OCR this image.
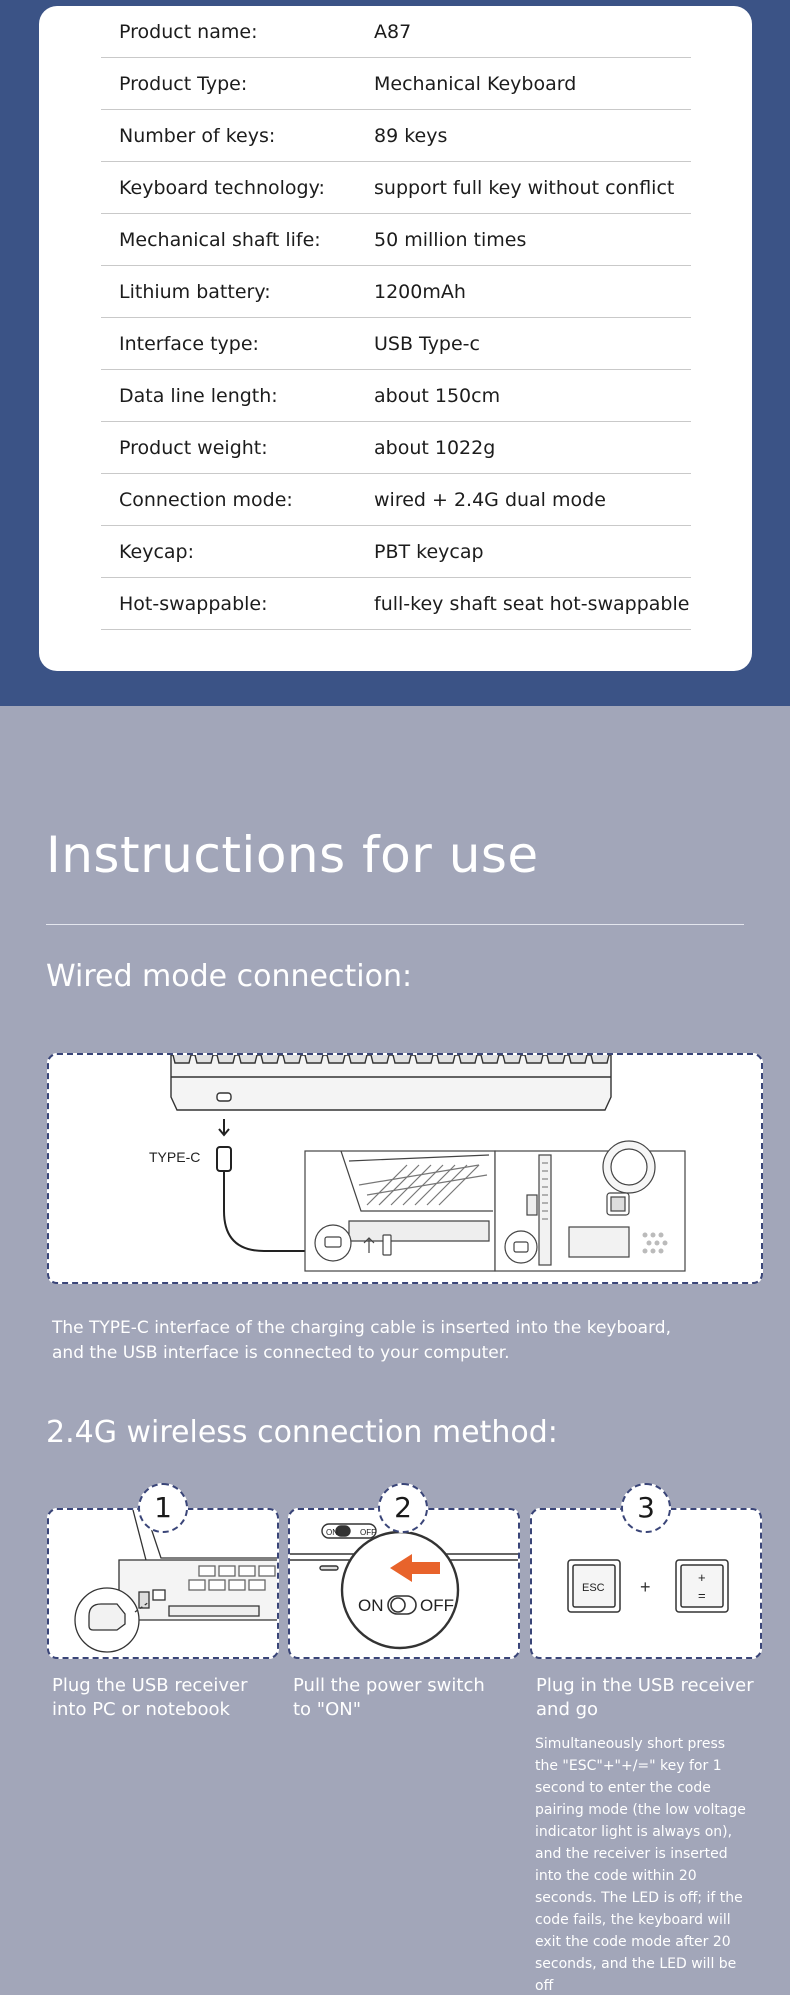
Product name:	A87
Product Type:	Mechanical Keyboard
Number of keys:	89 keys
Keyboard technology:	support full key without conflict
Mechanical shaft life:	50 million times
Lithium battery:	1200mAh
Interface type:	USB Type-c
Data line length:	about 150cm
Product weight:	about 1022g
Connection mode:	wired + 2.4G dual mode
Keycap:	PBT keycap
Hot-swappable:	full-key shaft seat hot-swappable
Instructions for use
Wired mode connection:
TYPE-C
The TYPE-C interface of the charging cable is inserted into the keyboard, and the USB interface is connected to your computer.
2.4G wireless connection method:
1
ON	OFF
ON OFF
2
ESC +	+
=
3
Plug the USB receiver into PC or notebook
Pull the power switch to "ON"
Plug in the USB receiver and go
Simultaneously short press the "ESC"+"+/=" key for 1 second to enter the code pairing mode (the low voltage indicator light is always on), and the receiver is inserted into the code within 20 seconds. The LED is off; if the code fails, the keyboard will exit the code mode after 20 seconds, and the LED will be off
